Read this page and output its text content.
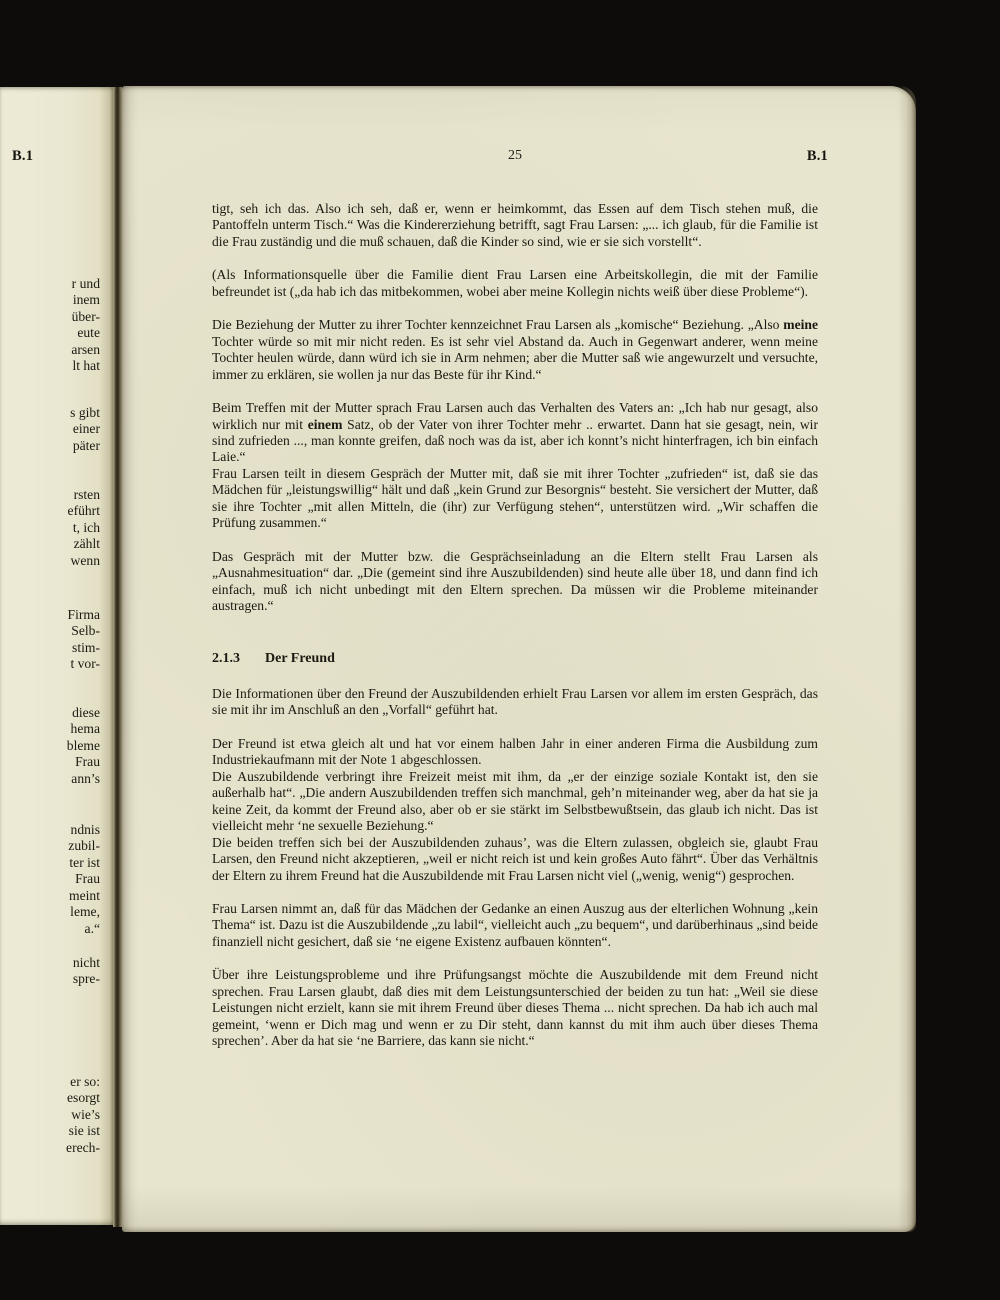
B.1
r und
inem
über-
eute
arsen
lt hat
s gibt
einer
päter
rsten
eführt
t, ich
zählt
wenn
Firma
Selb-
stim-
t vor-
diese
hema
bleme
Frau
ann’s
ndnis
zubil-
ter ist
Frau
meint
leme,
a.“
nicht
spre-
er so:
esorgt
wie’s
sie ist
erech-
25	B.1

tigt, seh ich das. Also ich seh, daß er, wenn er heimkommt, das Essen auf dem Tisch stehen muß, die Pantoffeln unterm Tisch.“ Was die Kindererziehung betrifft, sagt Frau Larsen: „... ich glaub, für die Familie ist die Frau zuständig und die muß schauen, daß die Kinder so sind, wie er sie sich vorstellt“.

(Als Informationsquelle über die Familie dient Frau Larsen eine Arbeitskollegin, die mit der Familie befreundet ist („da hab ich das mitbekommen, wobei aber meine Kollegin nichts weiß über diese Probleme“).

Die Beziehung der Mutter zu ihrer Tochter kennzeichnet Frau Larsen als „komische“ Beziehung. „Also meine Tochter würde so mit mir nicht reden. Es ist sehr viel Abstand da. Auch in Gegenwart anderer, wenn meine Tochter heulen würde, dann würd ich sie in Arm nehmen; aber die Mutter saß wie angewurzelt und versuchte, immer zu erklären, sie wollen ja nur das Beste für ihr Kind.“

Beim Treffen mit der Mutter sprach Frau Larsen auch das Verhalten des Vaters an: „Ich hab nur gesagt, also wirklich nur mit einem Satz, ob der Vater von ihrer Tochter mehr .. erwartet. Dann hat sie gesagt, nein, wir sind zufrieden ..., man konnte greifen, daß noch was da ist, aber ich konnt’s nicht hinterfragen, ich bin einfach Laie.“

Frau Larsen teilt in diesem Gespräch der Mutter mit, daß sie mit ihrer Tochter „zufrieden“ ist, daß sie das Mädchen für „leistungswillig“ hält und daß „kein Grund zur Besorgnis“ besteht. Sie versichert der Mutter, daß sie ihre Tochter „mit allen Mitteln, die (ihr) zur Verfügung stehen“, unterstützen wird. „Wir schaffen die Prüfung zusammen.“

Das Gespräch mit der Mutter bzw. die Gesprächseinladung an die Eltern stellt Frau Larsen als „Ausnahmesituation“ dar. „Die (gemeint sind ihre Auszubildenden) sind heute alle über 18, und dann find ich einfach, muß ich nicht unbedingt mit den Eltern sprechen. Da müssen wir die Probleme miteinander austragen.“

2.1.3 Der Freund

Die Informationen über den Freund der Auszubildenden erhielt Frau Larsen vor allem im ersten Gespräch, das sie mit ihr im Anschluß an den „Vorfall“ geführt hat.

Der Freund ist etwa gleich alt und hat vor einem halben Jahr in einer anderen Firma die Ausbildung zum Industriekaufmann mit der Note 1 abgeschlossen.

Die Auszubildende verbringt ihre Freizeit meist mit ihm, da „er der einzige soziale Kontakt ist, den sie außerhalb hat“. „Die andern Auszubildenden treffen sich manchmal, geh’n miteinander weg, aber da hat sie ja keine Zeit, da kommt der Freund also, aber ob er sie stärkt im Selbstbewußtsein, das glaub ich nicht. Das ist vielleicht mehr ‘ne sexuelle Beziehung.“

Die beiden treffen sich bei der Auszubildenden zuhaus’, was die Eltern zulassen, obgleich sie, glaubt Frau Larsen, den Freund nicht akzeptieren, „weil er nicht reich ist und kein großes Auto fährt“. Über das Verhältnis der Eltern zu ihrem Freund hat die Auszubildende mit Frau Larsen nicht viel („wenig, wenig“) gesprochen.

Frau Larsen nimmt an, daß für das Mädchen der Gedanke an einen Auszug aus der elterlichen Wohnung „kein Thema“ ist. Dazu ist die Auszubildende „zu labil“, vielleicht auch „zu bequem“, und darüberhinaus „sind beide finanziell nicht gesichert, daß sie ‘ne eigene Existenz aufbauen könnten“.

Über ihre Leistungsprobleme und ihre Prüfungsangst möchte die Auszubildende mit dem Freund nicht sprechen. Frau Larsen glaubt, daß dies mit dem Leistungsunterschied der beiden zu tun hat: „Weil sie diese Leistungen nicht erzielt, kann sie mit ihrem Freund über dieses Thema ... nicht sprechen. Da hab ich auch mal gemeint, ‘wenn er Dich mag und wenn er zu Dir steht, dann kannst du mit ihm auch über dieses Thema sprechen’. Aber da hat sie ‘ne Barriere, das kann sie nicht.“
